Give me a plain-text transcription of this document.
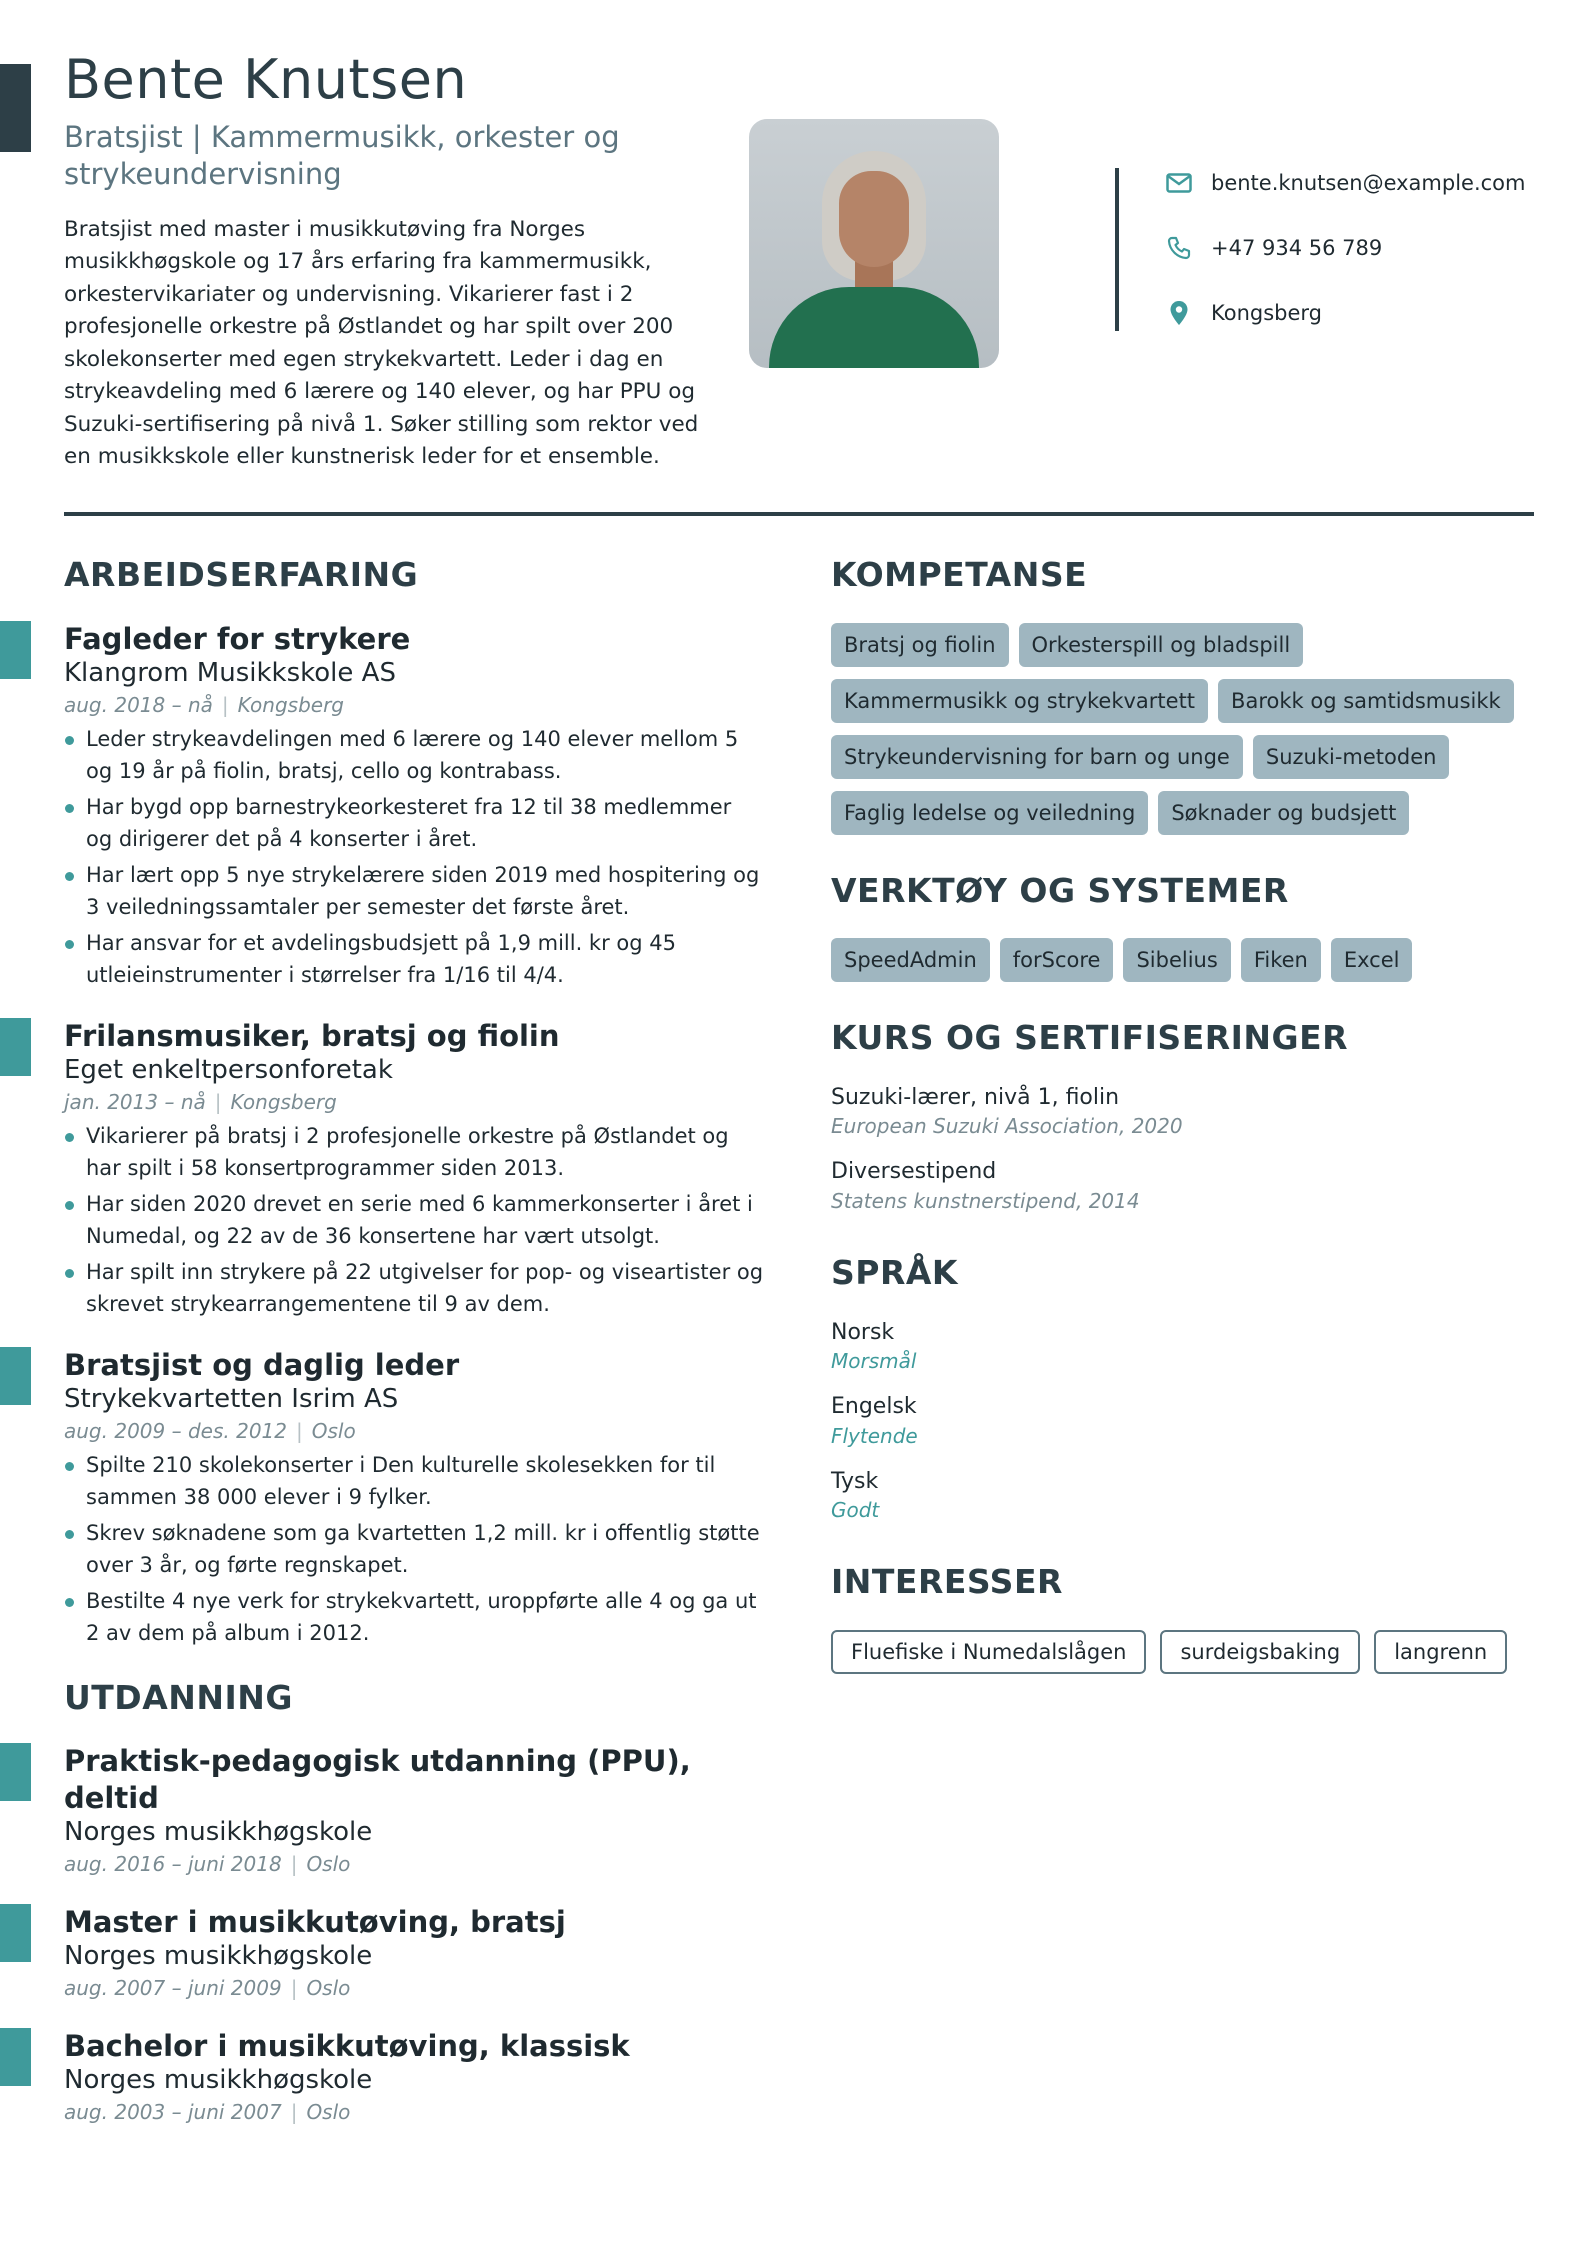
Bente Knutsen
Bratsjist | Kammermusikk, orkester og strykeundervisning

Bratsjist med master i musikkutøving fra Norges musikkhøgskole og 17 års erfaring fra kammermusikk, orkestervikariater og undervisning. Vikarierer fast i 2 profesjonelle orkestre på Østlandet og har spilt over 200 skolekonserter med egen strykekvartett. Leder i dag en strykeavdeling med 6 lærere og 140 elever, og har PPU og Suzuki-sertifisering på nivå 1. Søker stilling som rektor ved en musikkskole eller kunstnerisk leder for et ensemble.

bente.knutsen@example.com
+47 934 56 789
Kongsberg
ARBEIDSERFARING
Fagleder for strykere
Klangrom Musikkskole AS
aug. 2018 – nå | Kongsberg
Leder strykeavdelingen med 6 lærere og 140 elever mellom 5 og 19 år på fiolin, bratsj, cello og kontrabass.
Har bygd opp barnestrykeorkesteret fra 12 til 38 medlemmer og dirigerer det på 4 konserter i året.
Har lært opp 5 nye strykelærere siden 2019 med hospitering og 3 veiledningssamtaler per semester det første året.
Har ansvar for et avdelingsbudsjett på 1,9 mill. kr og 45 utleieinstrumenter i størrelser fra 1/16 til 4/4.
Frilansmusiker, bratsj og fiolin
Eget enkeltpersonforetak
jan. 2013 – nå | Kongsberg
Vikarierer på bratsj i 2 profesjonelle orkestre på Østlandet og har spilt i 58 konsertprogrammer siden 2013.
Har siden 2020 drevet en serie med 6 kammerkonserter i året i Numedal, og 22 av de 36 konsertene har vært utsolgt.
Har spilt inn strykere på 22 utgivelser for pop- og viseartister og skrevet strykearrangementene til 9 av dem.
Bratsjist og daglig leder
Strykekvartetten Isrim AS
aug. 2009 – des. 2012 | Oslo
Spilte 210 skolekonserter i Den kulturelle skolesekken for til sammen 38 000 elever i 9 fylker.
Skrev søknadene som ga kvartetten 1,2 mill. kr i offentlig støtte over 3 år, og førte regnskapet.
Bestilte 4 nye verk for strykekvartett, uroppførte alle 4 og ga ut 2 av dem på album i 2012.
UTDANNING
Praktisk-pedagogisk utdanning (PPU), deltid
Norges musikkhøgskole
aug. 2016 – juni 2018 | Oslo
Master i musikkutøving, bratsj
Norges musikkhøgskole
aug. 2007 – juni 2009 | Oslo
Bachelor i musikkutøving, klassisk
Norges musikkhøgskole
aug. 2003 – juni 2007 | Oslo
KOMPETANSE
Bratsj og fiolin	Orkesterspill og bladspill
Kammermusikk og strykekvartett	Barokk og samtidsmusikk
Strykeundervisning for barn og unge	Suzuki-metoden
Faglig ledelse og veiledning	Søknader og budsjett
VERKTØY OG SYSTEMER
SpeedAdmin	forScore	Sibelius	Fiken	Excel
KURS OG SERTIFISERINGER
Suzuki-lærer, nivå 1, fiolin
European Suzuki Association, 2020
Diversestipend
Statens kunstnerstipend, 2014
SPRÅK
Norsk
Morsmål
Engelsk
Flytende
Tysk
Godt
INTERESSER
Fluefiske i Numedalslågen	surdeigsbaking	langrenn
